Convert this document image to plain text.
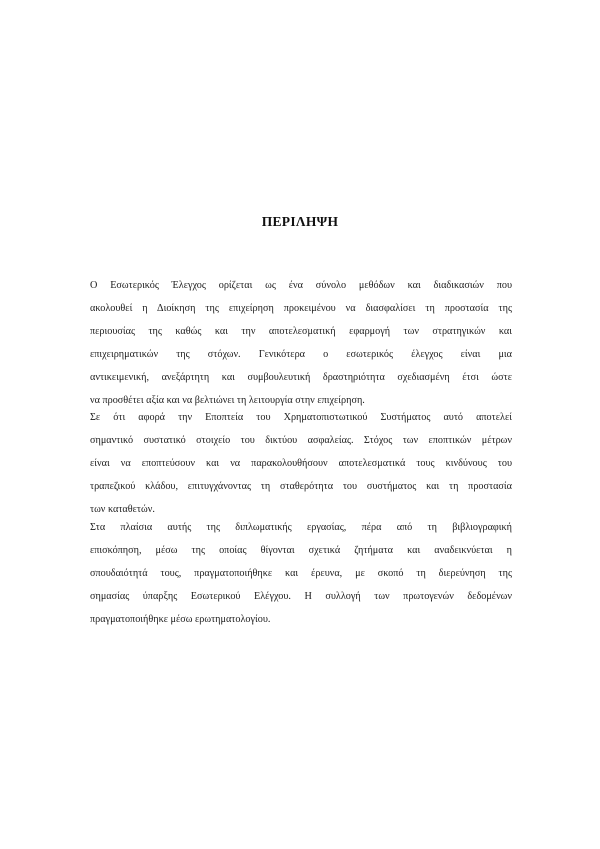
ΠΕΡΙΛΗΨΗ
Ο Εσωτερικός Έλεγχος ορίζεται ως ένα σύνολο μεθόδων και διαδικασιών που
ακολουθεί η Διοίκηση της επιχείρηση προκειμένου να διασφαλίσει τη προστασία της
περιουσίας της καθώς και την αποτελεσματική εφαρμογή των στρατηγικών και
επιχειρηματικών της στόχων. Γενικότερα ο εσωτερικός έλεγχος είναι μια
αντικειμενική, ανεξάρτητη και συμβουλευτική δραστηριότητα σχεδιασμένη έτσι ώστε
να προσθέτει αξία και να βελτιώνει τη λειτουργία στην επιχείρηση.
Σε ότι αφορά την Εποπτεία του Χρηματοπιστωτικού Συστήματος αυτό αποτελεί
σημαντικό συστατικό στοιχείο του δικτύου ασφαλείας. Στόχος των εποπτικών μέτρων
είναι να εποπτεύσουν και να παρακολουθήσουν αποτελεσματικά τους κινδύνους του
τραπεζικού κλάδου, επιτυγχάνοντας τη σταθερότητα του συστήματος και τη προστασία
των καταθετών.
Στα πλαίσια αυτής της διπλωματικής εργασίας, πέρα από τη βιβλιογραφική
επισκόπηση, μέσω της οποίας θίγονται σχετικά ζητήματα και αναδεικνύεται η
σπουδαιότητά τους, πραγματοποιήθηκε και έρευνα, με σκοπό τη διερεύνηση της
σημασίας ύπαρξης Εσωτερικού Ελέγχου. Η συλλογή των πρωτογενών δεδομένων
πραγματοποιήθηκε μέσω ερωτηματολογίου.
